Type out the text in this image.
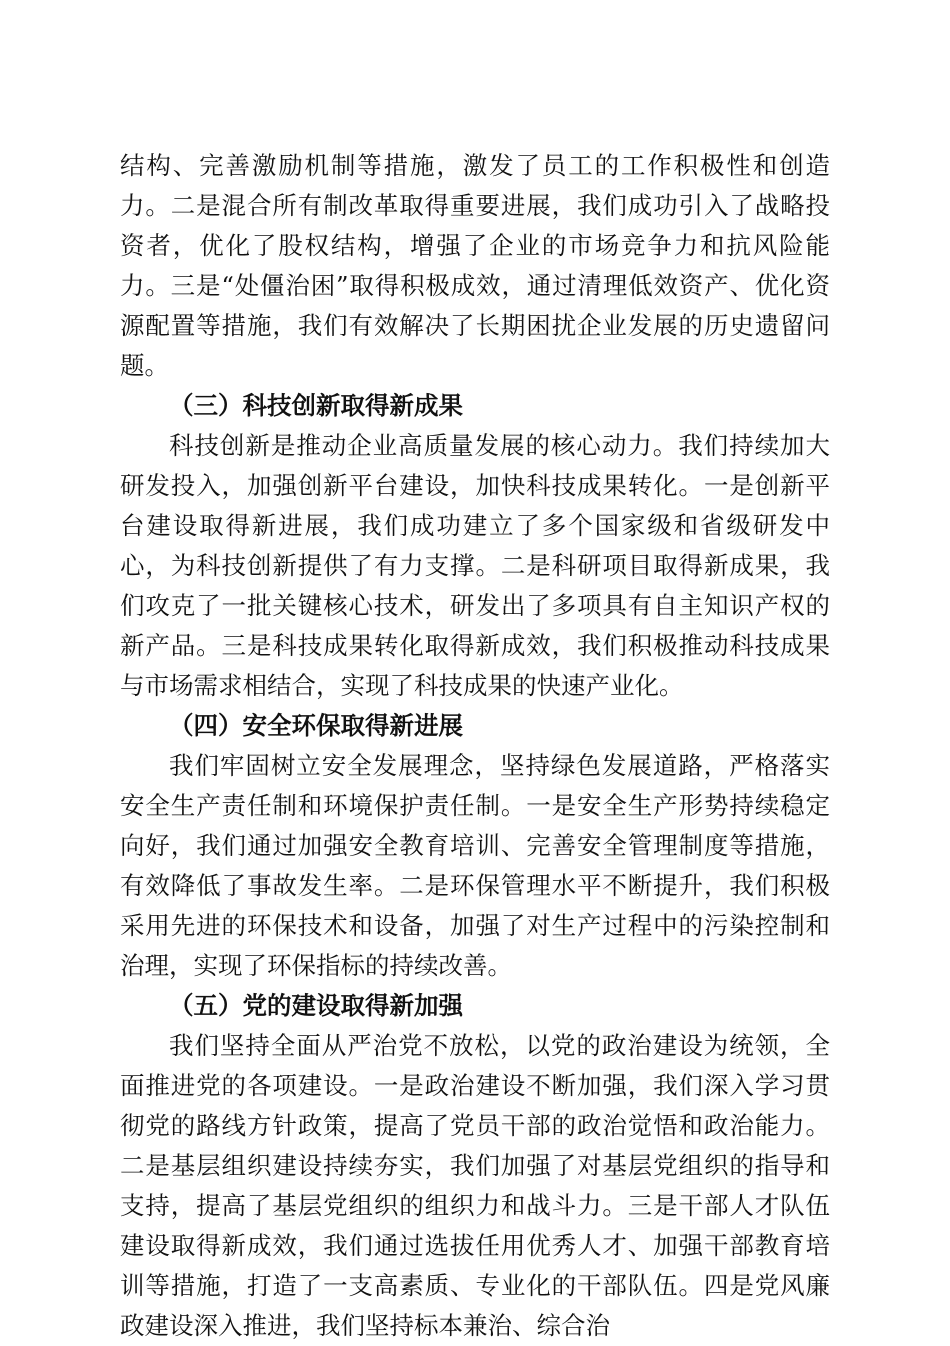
结构、完善激励机制等措施，激发了员工的工作积极性和创造力。二是混合所有制改革取得重要进展，我们成功引入了战略投资者，优化了股权结构，增强了企业的市场竞争力和抗风险能力。三是“处僵治困”取得积极成效，通过清理低效资产、优化资源配置等措施，我们有效解决了长期困扰企业发展的历史遗留问题。

（三）科技创新取得新成果

科技创新是推动企业高质量发展的核心动力。我们持续加大研发投入，加强创新平台建设，加快科技成果转化。一是创新平台建设取得新进展，我们成功建立了多个国家级和省级研发中心，为科技创新提供了有力支撑。二是科研项目取得新成果，我们攻克了一批关键核心技术，研发出了多项具有自主知识产权的新产品。三是科技成果转化取得新成效，我们积极推动科技成果与市场需求相结合，实现了科技成果的快速产业化。

（四）安全环保取得新进展

我们牢固树立安全发展理念，坚持绿色发展道路，严格落实安全生产责任制和环境保护责任制。一是安全生产形势持续稳定向好，我们通过加强安全教育培训、完善安全管理制度等措施，有效降低了事故发生率。二是环保管理水平不断提升，我们积极采用先进的环保技术和设备，加强了对生产过程中的污染控制和治理，实现了环保指标的持续改善。

（五）党的建设取得新加强

我们坚持全面从严治党不放松，以党的政治建设为统领，全面推进党的各项建设。一是政治建设不断加强，我们深入学习贯彻党的路线方针政策，提高了党员干部的政治觉悟和政治能力。二是基层组织建设持续夯实，我们加强了对基层党组织的指导和支持，提高了基层党组织的组织力和战斗力。三是干部人才队伍建设取得新成效，我们通过选拔任用优秀人才、加强干部教育培训等措施，打造了一支高素质、专业化的干部队伍。四是党风廉政建设深入推进，我们坚持标本兼治、综合治
